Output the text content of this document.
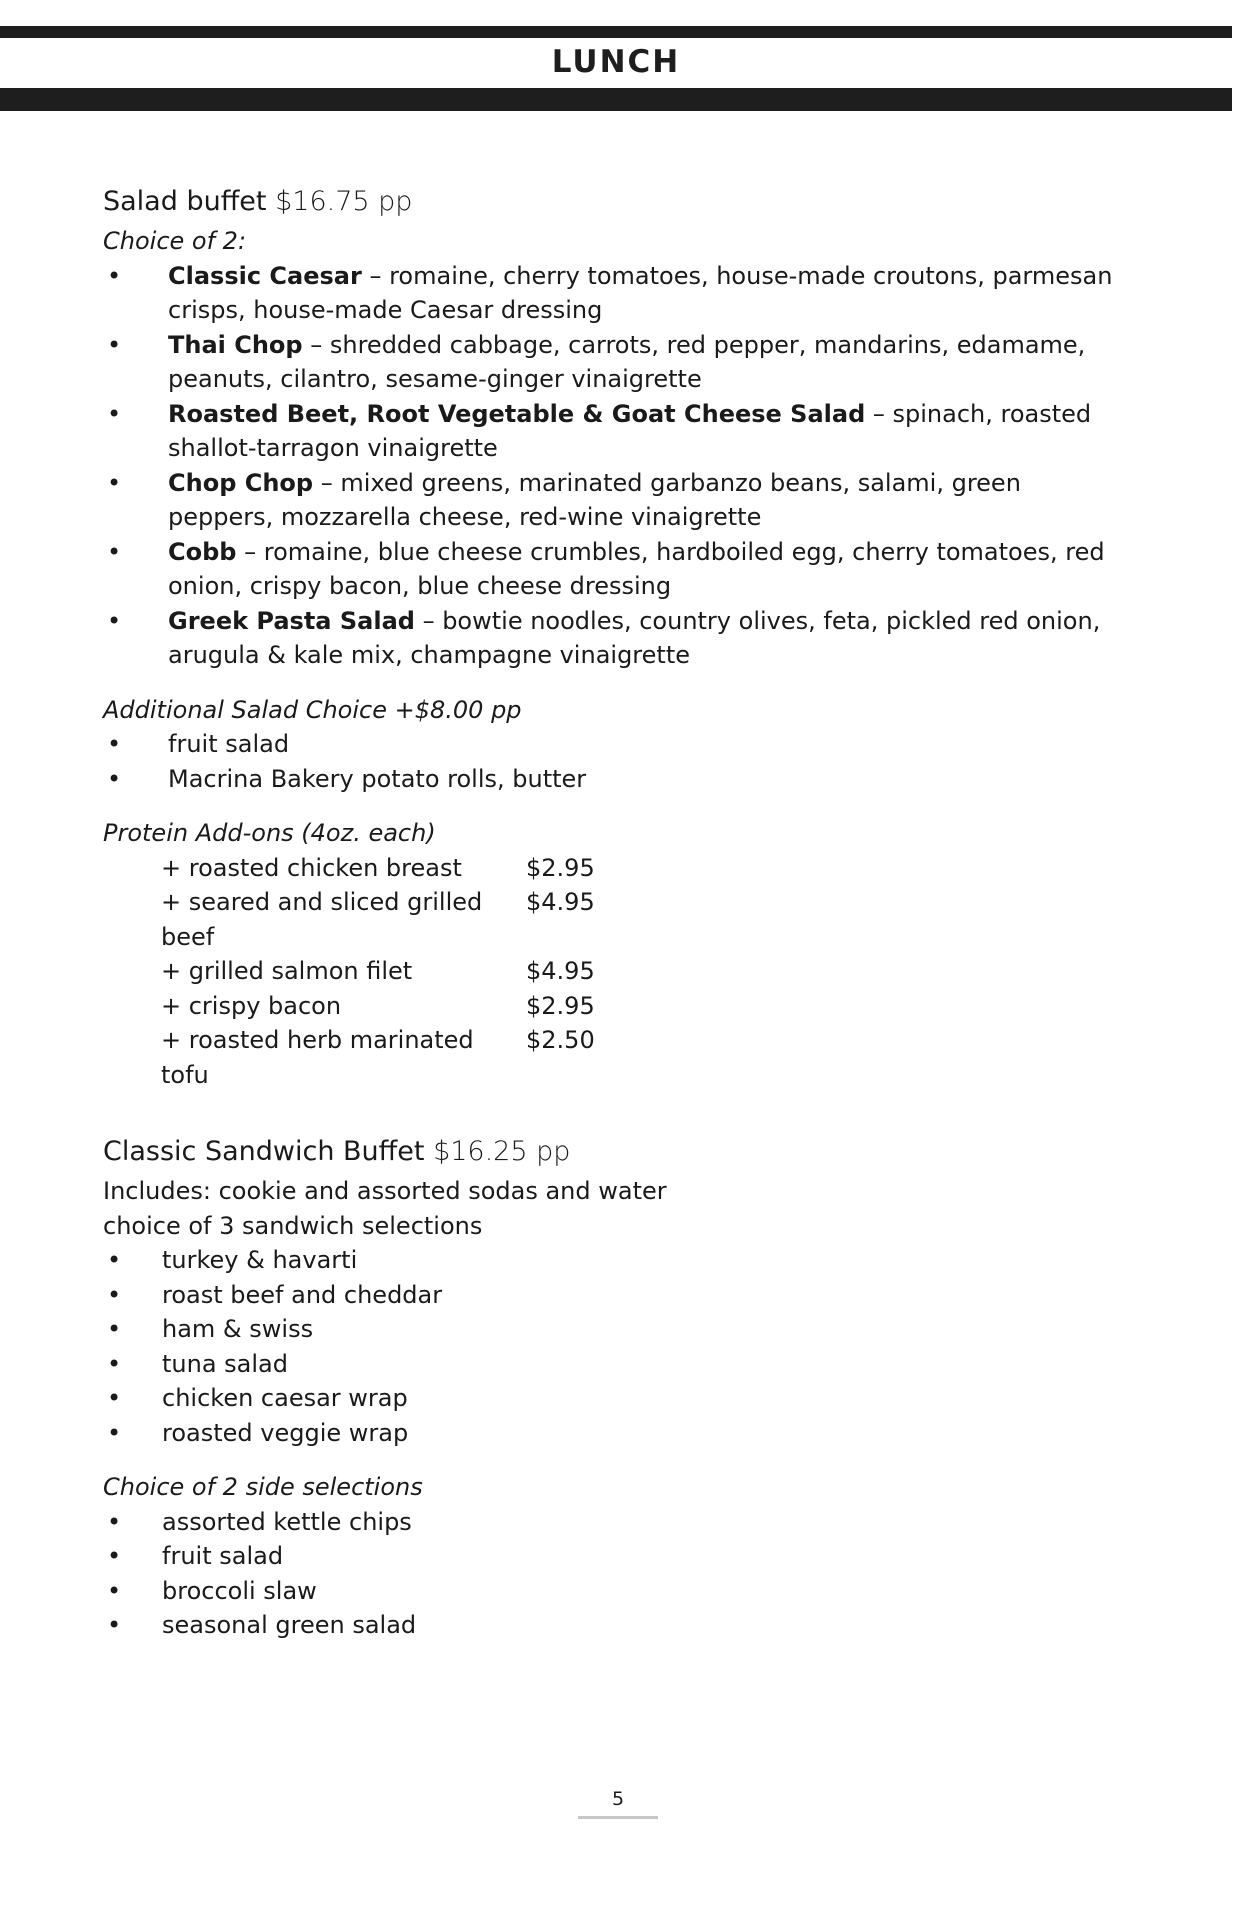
LUNCH
Salad buffet $16.75 pp

Choice of 2:

• Classic Caesar – romaine, cherry tomatoes, house-made croutons, parmesan crisps, house-made Caesar dressing
• Thai Chop – shredded cabbage, carrots, red pepper, mandarins, edamame, peanuts, cilantro, sesame-ginger vinaigrette
• Roasted Beet, Root Vegetable & Goat Cheese Salad – spinach, roasted shallot-tarragon vinaigrette
• Chop Chop – mixed greens, marinated garbanzo beans, salami, green peppers, mozzarella cheese, red-wine vinaigrette
• Cobb – romaine, blue cheese crumbles, hardboiled egg, cherry tomatoes, red onion, crispy bacon, blue cheese dressing
• Greek Pasta Salad – bowtie noodles, country olives, feta, pickled red onion, arugula & kale mix, champagne vinaigrette

Additional Salad Choice +$8.00 pp

• fruit salad
• Macrina Bakery potato rolls, butter

Protein Add-ons (4oz. each)

+ roasted chicken breast	$2.95
+ seared and sliced grilled beef	$4.95
+ grilled salmon filet	$4.95
+ crispy bacon	$2.95
+ roasted herb marinated tofu	$2.50
Classic Sandwich Buffet $16.25 pp

Includes: cookie and assorted sodas and water

choice of 3 sandwich selections

• turkey & havarti
• roast beef and cheddar
• ham & swiss
• tuna salad
• chicken caesar wrap
• roasted veggie wrap

Choice of 2 side selections

• assorted kettle chips
• fruit salad
• broccoli slaw
• seasonal green salad
5
